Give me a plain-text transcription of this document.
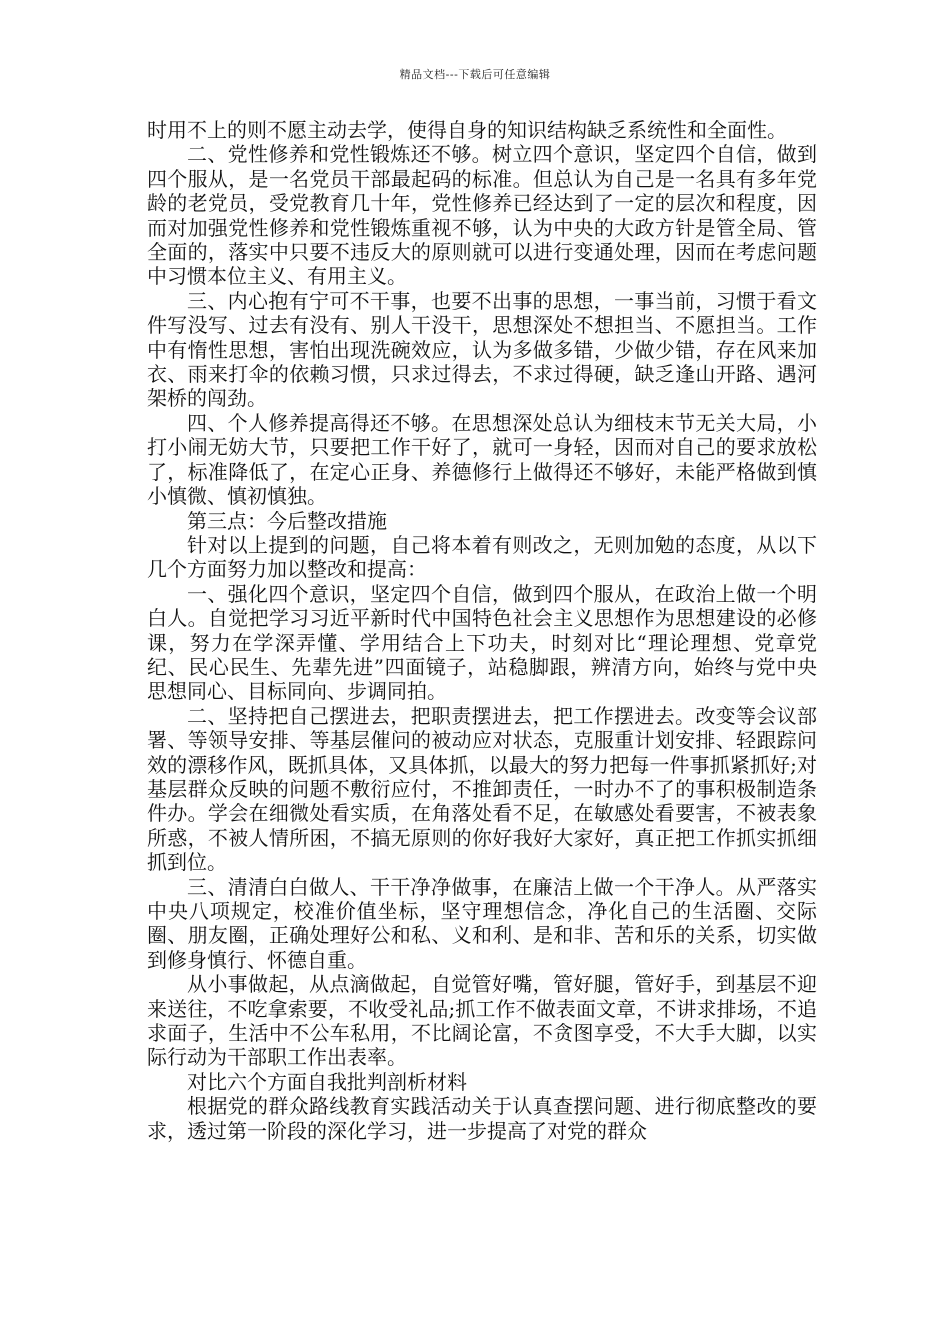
精品文档---下载后可任意编辑

时用不上的则不愿主动去学，使得自身的知识结构缺乏系统性和全面性。

二、党性修养和党性锻炼还不够。树立四个意识，坚定四个自信，做到四个服从，是一名党员干部最起码的标准。但总认为自己是一名具有多年党龄的老党员，受党教育几十年，党性修养已经达到了一定的层次和程度，因而对加强党性修养和党性锻炼重视不够，认为中央的大政方针是管全局、管全面的，落实中只要不违反大的原则就可以进行变通处理，因而在考虑问题中习惯本位主义、有用主义。

三、内心抱有宁可不干事，也要不出事的思想，一事当前，习惯于看文件写没写、过去有没有、别人干没干，思想深处不想担当、不愿担当。工作中有惰性思想，害怕出现洗碗效应，认为多做多错，少做少错，存在风来加衣、雨来打伞的依赖习惯，只求过得去，不求过得硬，缺乏逢山开路、遇河架桥的闯劲。

四、个人修养提高得还不够。在思想深处总认为细枝末节无关大局，小打小闹无妨大节，只要把工作干好了，就可一身轻，因而对自己的要求放松了，标准降低了，在定心正身、养德修行上做得还不够好，未能严格做到慎小慎微、慎初慎独。

第三点：今后整改措施

针对以上提到的问题，自己将本着有则改之，无则加勉的态度，从以下几个方面努力加以整改和提高：

一、强化四个意识，坚定四个自信，做到四个服从，在政治上做一个明白人。自觉把学习习近平新时代中国特色社会主义思想作为思想建设的必修课，努力在学深弄懂、学用结合上下功夫，时刻对比“理论理想、党章党纪、民心民生、先辈先进”四面镜子，站稳脚跟，辨清方向，始终与党中央思想同心、目标同向、步调同拍。

二、坚持把自己摆进去，把职责摆进去，把工作摆进去。改变等会议部署、等领导安排、等基层催问的被动应对状态，克服重计划安排、轻跟踪问效的漂移作风，既抓具体，又具体抓，以最大的努力把每一件事抓紧抓好;对基层群众反映的问题不敷衍应付，不推卸责任，一时办不了的事积极制造条件办。学会在细微处看实质，在角落处看不足，在敏感处看要害，不被表象所惑，不被人情所困，不搞无原则的你好我好大家好，真正把工作抓实抓细抓到位。

三、清清白白做人、干干净净做事，在廉洁上做一个干净人。从严落实中央八项规定，校准价值坐标，坚守理想信念，净化自己的生活圈、交际圈、朋友圈，正确处理好公和私、义和利、是和非、苦和乐的关系，切实做到修身慎行、怀德自重。

从小事做起，从点滴做起，自觉管好嘴，管好腿，管好手，到基层不迎来送往，不吃拿索要，不收受礼品;抓工作不做表面文章，不讲求排场，不追求面子，生活中不公车私用，不比阔论富，不贪图享受，不大手大脚，以实际行动为干部职工作出表率。

对比六个方面自我批判剖析材料

根据党的群众路线教育实践活动关于认真查摆问题、进行彻底整改的要求，透过第一阶段的深化学习，进一步提高了对党的群众
